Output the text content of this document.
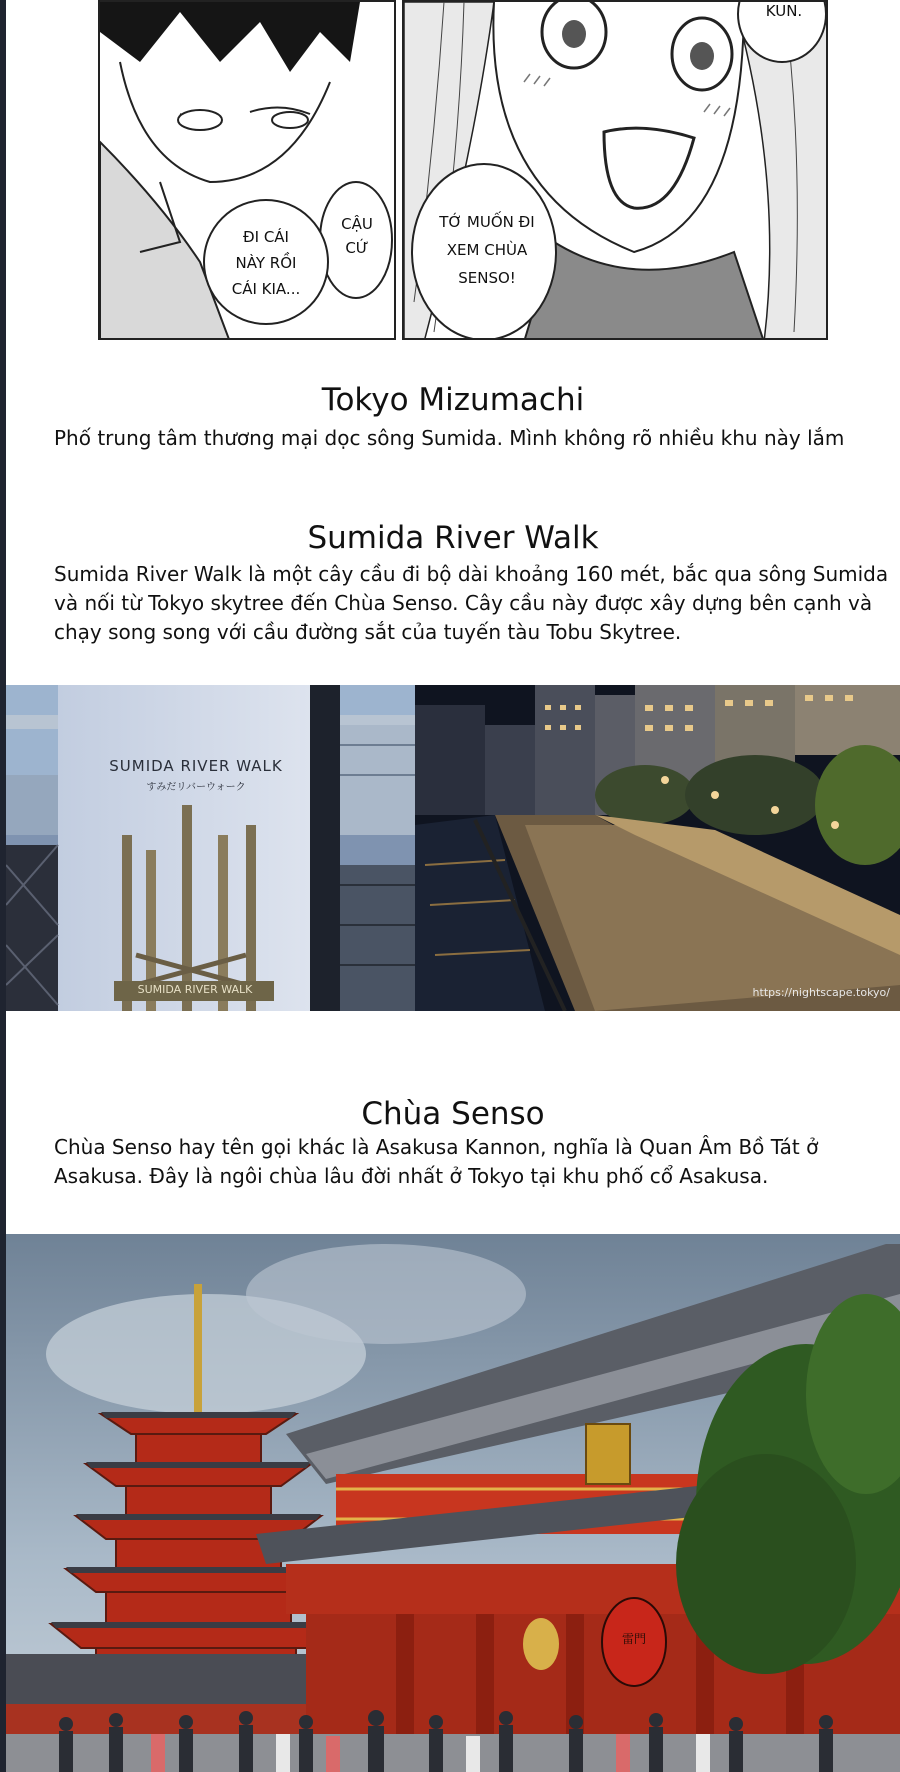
CẬU
CỨ
ĐI CÁI
NÀY RỒI
CÁI KIA...
TỚ MUỐN ĐI
XEM CHÙA
SENSO!
KUN.
Tokyo Mizumachi

Phố trung tâm thương mại dọc sông Sumida. Mình không rõ nhiều khu này lắm

Sumida River Walk

Sumida River Walk là một cây cầu đi bộ dài khoảng 160 mét, bắc qua sông Sumida và nối từ Tokyo skytree đến Chùa Senso. Cây cầu này được xây dựng bên cạnh và chạy song song với cầu đường sắt của tuyến tàu Tobu Skytree.

SUMIDA RIVER WALK
すみだリバーウォーク
SUMIDA RIVER WALK	https://nightscape.tokyo/
Chùa Senso

Chùa Senso hay tên gọi khác là Asakusa Kannon, nghĩa là Quan Âm Bồ Tát ở Asakusa. Đây là ngôi chùa lâu đời nhất ở Tokyo tại khu phố cổ Asakusa.

雷門
